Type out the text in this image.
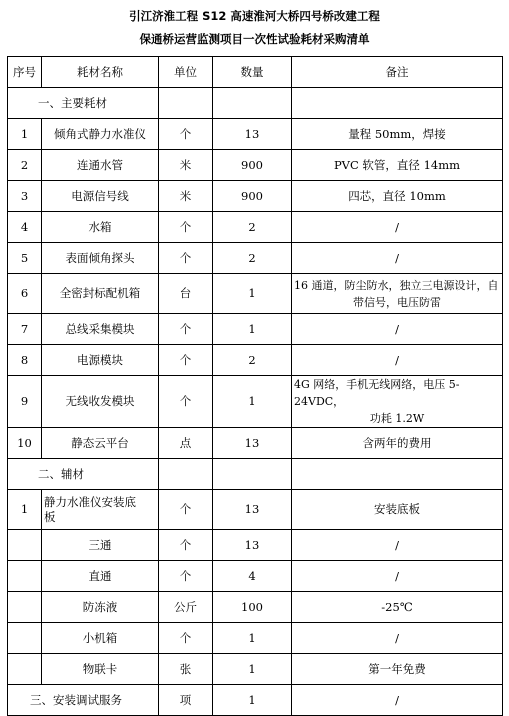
引江济淮工程 S12 高速淮河大桥四号桥改建工程
保通桥运营监测项目一次性试验耗材采购清单
序号	耗材名称	单位	数量	备注
一、主要耗材				
1	倾角式静力水准仪	个	13	量程 50mm，焊接
2	连通水管	米	900	PVC 软管，直径 14mm
3	电源信号线	米	900	四芯，直径 10mm
4	水箱	个	2	/
5	表面倾角探头	个	2	/
6	全密封标配机箱	台	1	16 通道，防尘防水，独立三电源设计，自

带信号，电压防雷

7	总线采集模块	个	1	/
8	电源模块	个	2	/
9	无线收发模块	个	1	4G 网络，手机无线网络，电压 5-24VDC，

功耗 1.2W

10	静态云平台	点	13	含两年的费用
二、辅材				
1	静力水准仪安装底
板	个	13	安装底板
	三通	个	13	/
	直通	个	4	/
	防冻液	公斤	100	-25℃
	小机箱	个	1	/
	物联卡	张	1	第一年免费
三、安装调试服务		项	1	/
